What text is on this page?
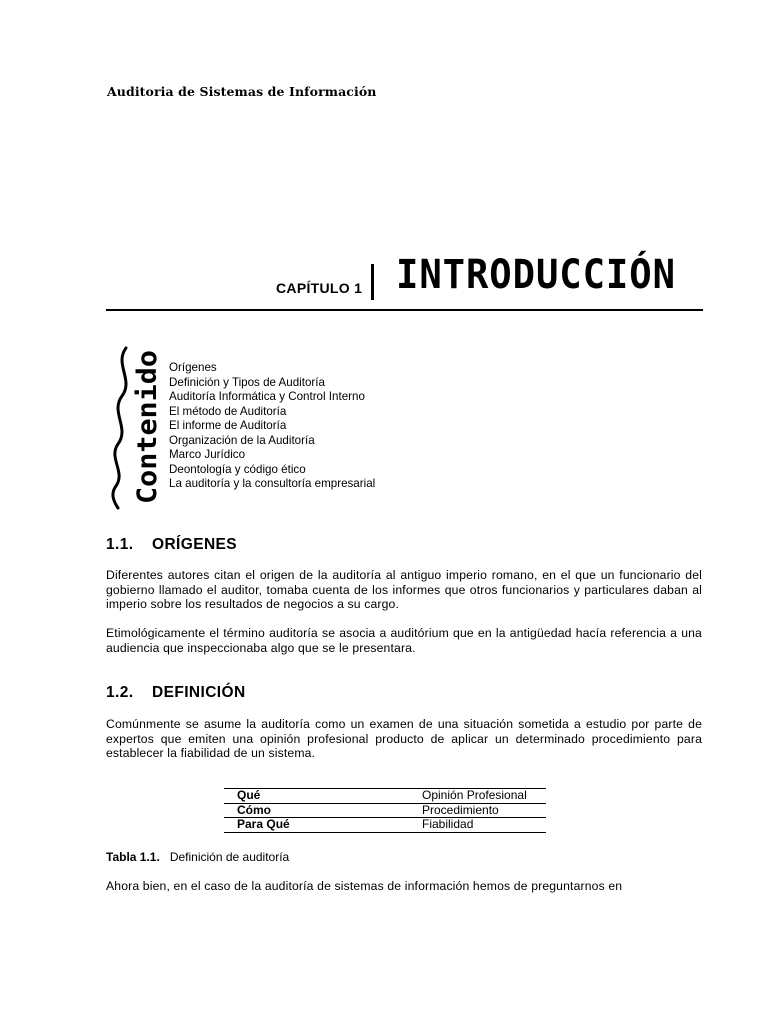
Auditoria de Sistemas de Información
CAPÍTULO 1 INTRODUCCIÓN
Contenido Orígenes
Definición y Tipos de Auditoría
Auditoría Informática y Control Interno
El método de Auditoría
El informe de Auditoría
Organización de la Auditoría
Marco Jurídico
Deontología y código ético
La auditoría y la consultoría empresarial
1.1. ORÍGENES

Diferentes autores citan el origen de la auditoría al antiguo imperio romano, en el que un funcionario del gobierno llamado el auditor, tomaba cuenta de los informes que otros funcionarios y particulares daban al imperio sobre los resultados de negocios a su cargo.

Etimológicamente el término auditoría se asocia a auditórium que en la antigüedad hacía referencia a una audiencia que inspeccionaba algo que se le presentara.

1.2. DEFINICIÓN

Comúnmente se asume la auditoría como un examen de una situación sometida a estudio por parte de expertos que emiten una opinión profesional producto de aplicar un determinado procedimiento para establecer la fiabilidad de un sistema.

Qué	Opinión Profesional
Cómo	Procedimiento
Para Qué	Fiabilidad
Tabla 1.1. Definición de auditoría

Ahora bien, en el caso de la auditoría de sistemas de información hemos de preguntarnos en
